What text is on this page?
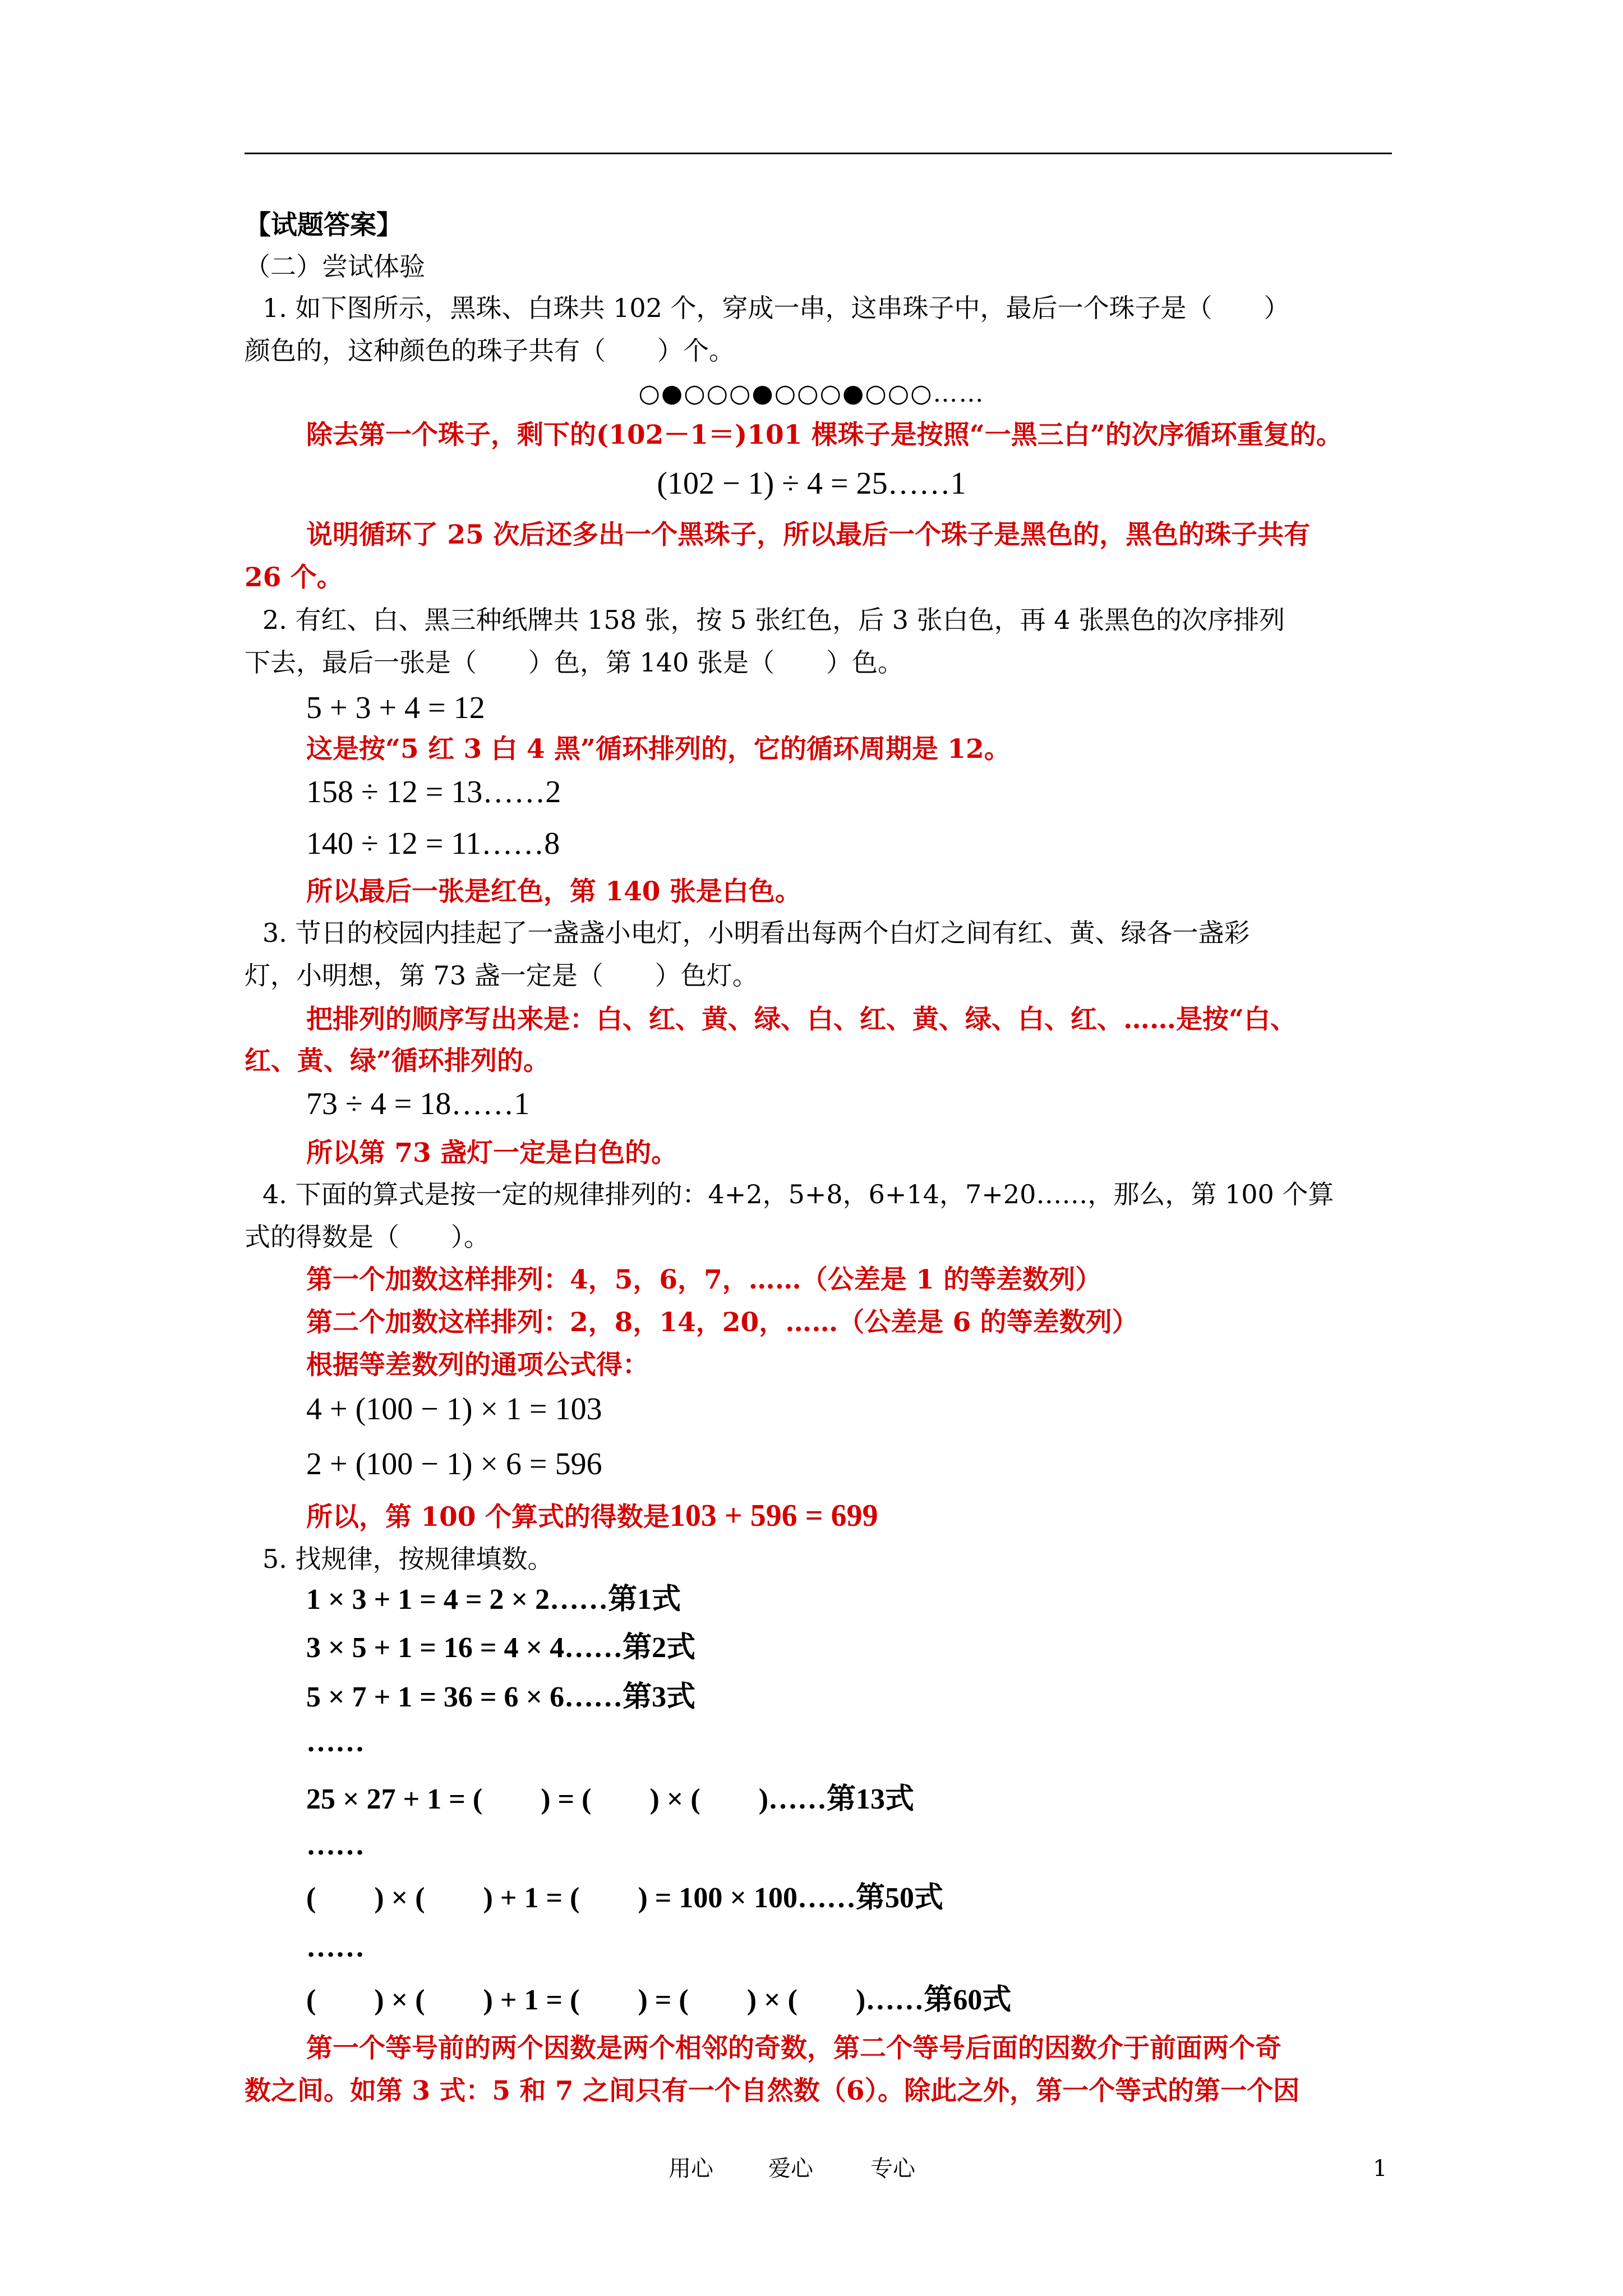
【试题答案】
（二）尝试体验
1. 如下图所示，黑珠、白珠共 102 个，穿成一串，这串珠子中，最后一个珠子是（　　）
颜色的，这种颜色的珠子共有（　　）个。
○●○○○●○○○●○○○……
除去第一个珠子，剩下的(102－1＝)101 棵珠子是按照“一黑三白”的次序循环重复的。
(102 − 1) ÷ 4 = 25……1
说明循环了 25 次后还多出一个黑珠子，所以最后一个珠子是黑色的，黑色的珠子共有
26 个。
2. 有红、白、黑三种纸牌共 158 张，按 5 张红色，后 3 张白色，再 4 张黑色的次序排列
下去，最后一张是（　　）色，第 140 张是（　　）色。
5 + 3 + 4 = 12
这是按“5 红 3 白 4 黑”循环排列的，它的循环周期是 12。
158 ÷ 12 = 13……2
140 ÷ 12 = 11……8
所以最后一张是红色，第 140 张是白色。
3. 节日的校园内挂起了一盏盏小电灯，小明看出每两个白灯之间有红、黄、绿各一盏彩
灯，小明想，第 73 盏一定是（　　）色灯。
把排列的顺序写出来是：白、红、黄、绿、白、红、黄、绿、白、红、……是按“白、
红、黄、绿”循环排列的。
73 ÷ 4 = 18……1
所以第 73 盏灯一定是白色的。
4. 下面的算式是按一定的规律排列的：4+2，5+8，6+14，7+20……，那么，第 100 个算
式的得数是（　　）。
第一个加数这样排列：4，5，6，7，……（公差是 1 的等差数列）
第二个加数这样排列：2，8，14，20，……（公差是 6 的等差数列）
根据等差数列的通项公式得：
4 + (100 − 1) × 1 = 103
2 + (100 − 1) × 6 = 596
所以，第 100 个算式的得数是103 + 596 = 699
5. 找规律，按规律填数。
1 × 3 + 1 = 4 = 2 × 2……第1式
3 × 5 + 1 = 16 = 4 × 4……第2式
5 × 7 + 1 = 36 = 6 × 6……第3式
……
25 × 27 + 1 = (　　) = (　　) × (　　)……第13式
……
(　　) × (　　) + 1 = (　　) = 100 × 100……第50式
……
(　　) × (　　) + 1 = (　　) = (　　) × (　　)……第60式
第一个等号前的两个因数是两个相邻的奇数，第二个等号后面的因数介于前面两个奇
数之间。如第 3 式：5 和 7 之间只有一个自然数（6）。除此之外，第一个等式的第一个因
用心 爱心	专心	1
